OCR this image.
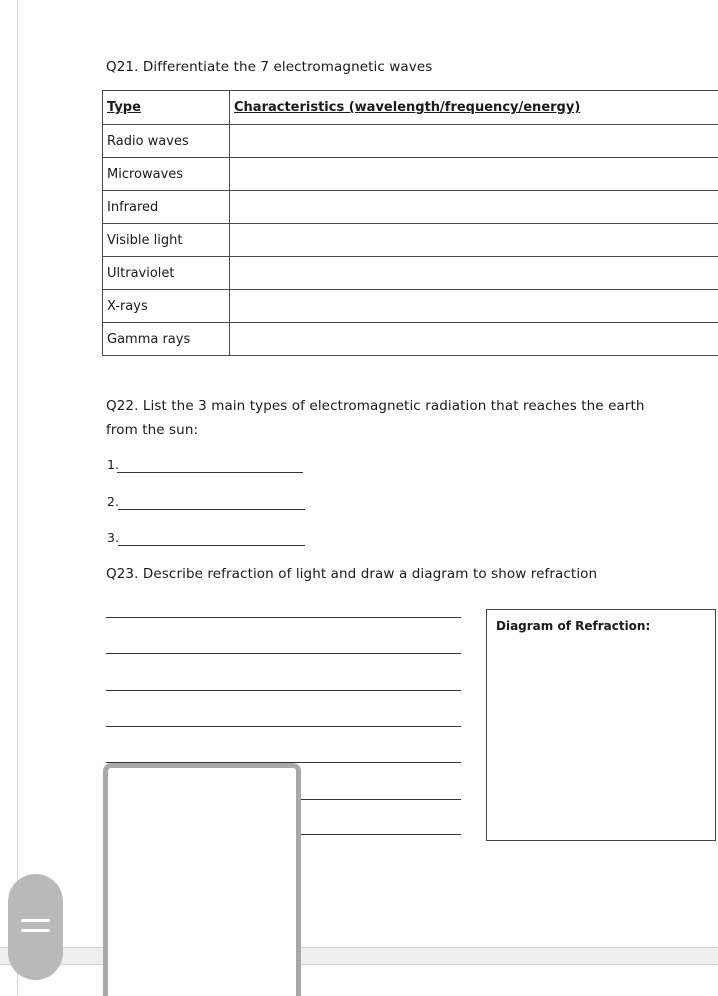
Q21. Differentiate the 7 electromagnetic waves
Type	Characteristics (wavelength/frequency/energy)
Radio waves	
Microwaves	
Infrared	
Visible light	
Ultraviolet	
X-rays	
Gamma rays	
Q22. List the 3 main types of electromagnetic radiation that reaches the earth
from the sun:
1.
2.
3.
Q23. Describe refraction of light and draw a diagram to show refraction
Diagram of Refraction:
